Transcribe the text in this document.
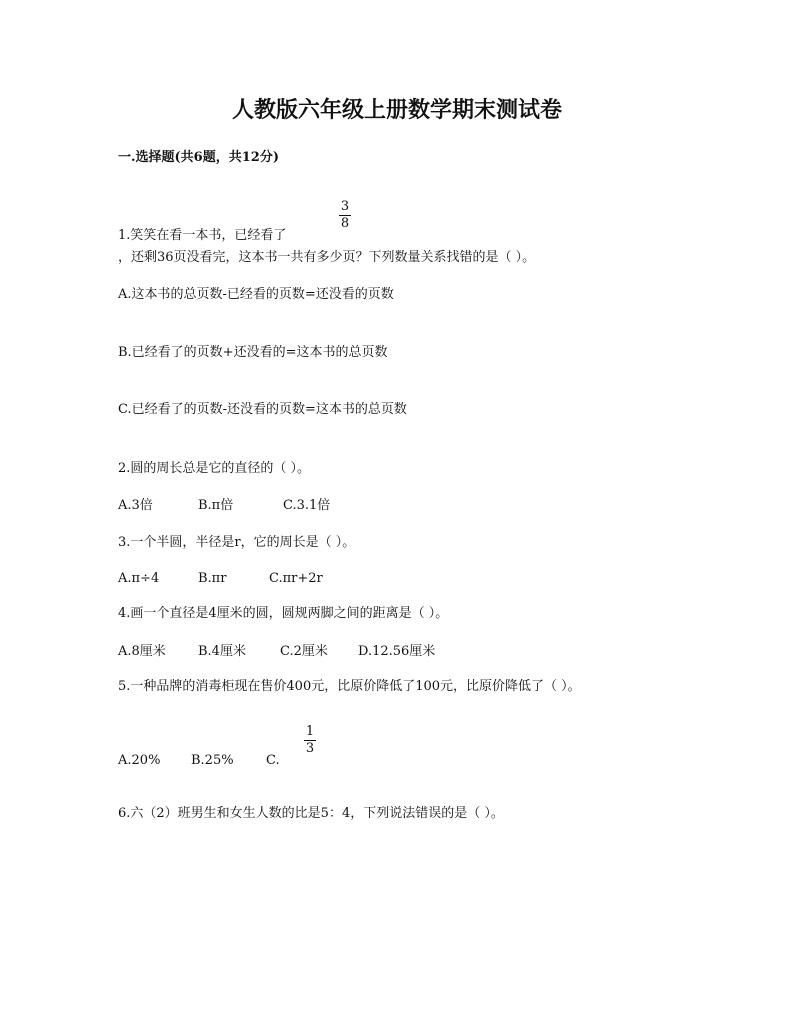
人教版六年级上册数学期末测试卷
一.选择题(共6题，共12分)
3
8
1.笑笑在看一本书，已经看了
，还剩36页没看完，这本书一共有多少页？下列数量关系找错的是（ ）。
A.这本书的总页数-已经看的页数=还没看的页数
B.已经看了的页数+还没看的=这本书的总页数
C.已经看了的页数-还没看的页数=这本书的总页数
2.圆的周长总是它的直径的（ ）。
A.3倍	B.π倍	C.3.1倍
3.一个半圆，半径是r，它的周长是（ ）。
A.π÷4	B.πr	C.πr+2r
4.画一个直径是4厘米的圆，圆规两脚之间的距离是（ ）。
A.8厘米 B.4厘米	C.2厘米 D.12.56厘米
5.一种品牌的消毒柜现在售价400元，比原价降低了100元，比原价降低了（ ）。
1
3
A.20% B.25% C.
6.六（2）班男生和女生人数的比是5：4，下列说法错误的是（ ）。
